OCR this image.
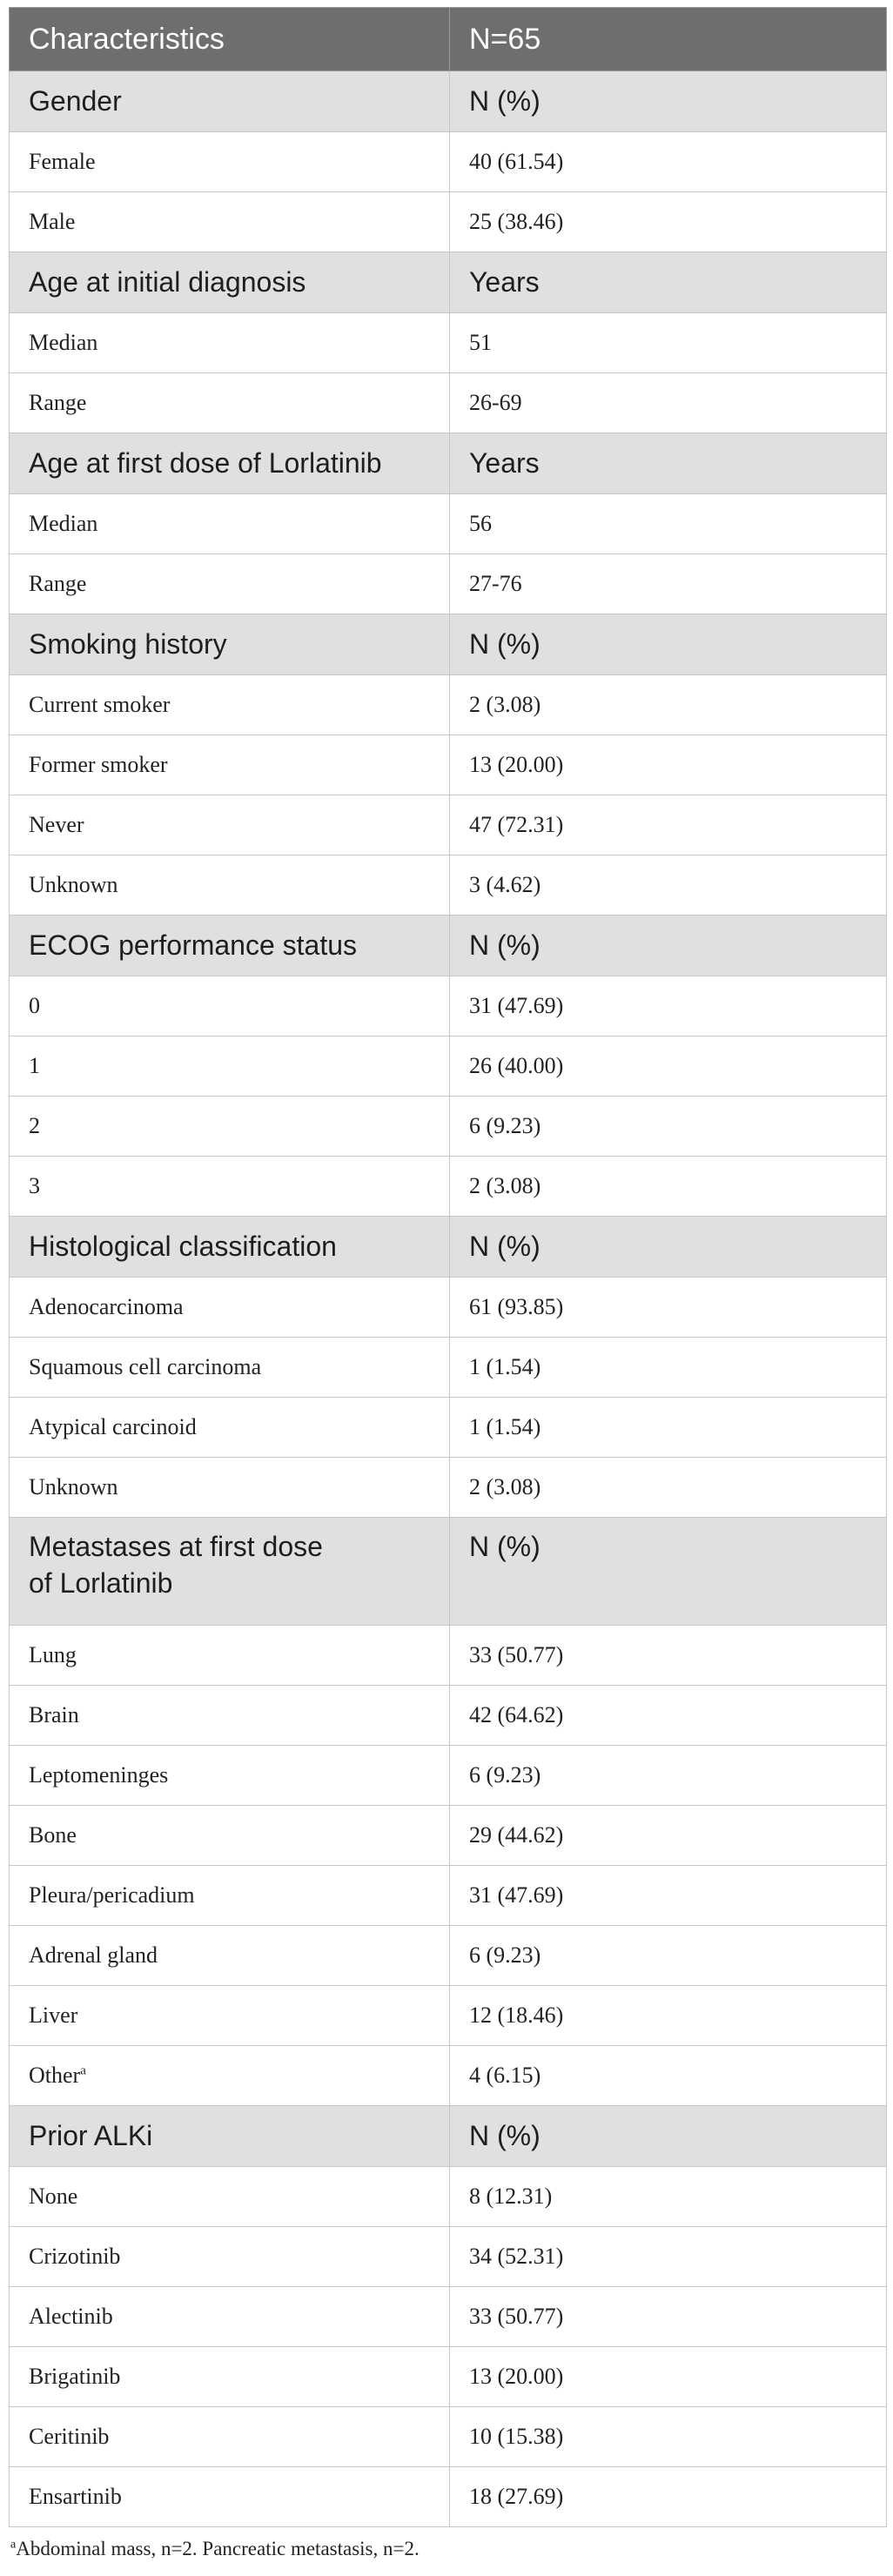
Characteristics	N=65
Gender	N (%)
Female	40 (61.54)
Male	25 (38.46)
Age at initial diagnosis	Years
Median	51
Range	26-69
Age at first dose of Lorlatinib	Years
Median	56
Range	27-76
Smoking history	N (%)
Current smoker	2 (3.08)
Former smoker	13 (20.00)
Never	47 (72.31)
Unknown	3 (4.62)
ECOG performance status	N (%)
0	31 (47.69)
1	26 (40.00)
2	6 (9.23)
3	2 (3.08)
Histological classification	N (%)
Adenocarcinoma	61 (93.85)
Squamous cell carcinoma	1 (1.54)
Atypical carcinoid	1 (1.54)
Unknown	2 (3.08)
Metastases at first dose
of Lorlatinib	N (%)
Lung	33 (50.77)
Brain	42 (64.62)
Leptomeninges	6 (9.23)
Bone	29 (44.62)
Pleura/pericadium	31 (47.69)
Adrenal gland	6 (9.23)
Liver	12 (18.46)
Other$^a$	4 (6.15)
Prior ALKi	N (%)
None	8 (12.31)
Crizotinib	34 (52.31)
Alectinib	33 (50.77)
Brigatinib	13 (20.00)
Ceritinib	10 (15.38)
Ensartinib	18 (27.69)
$^a$Abdominal mass, n=2. Pancreatic metastasis, n=2.
